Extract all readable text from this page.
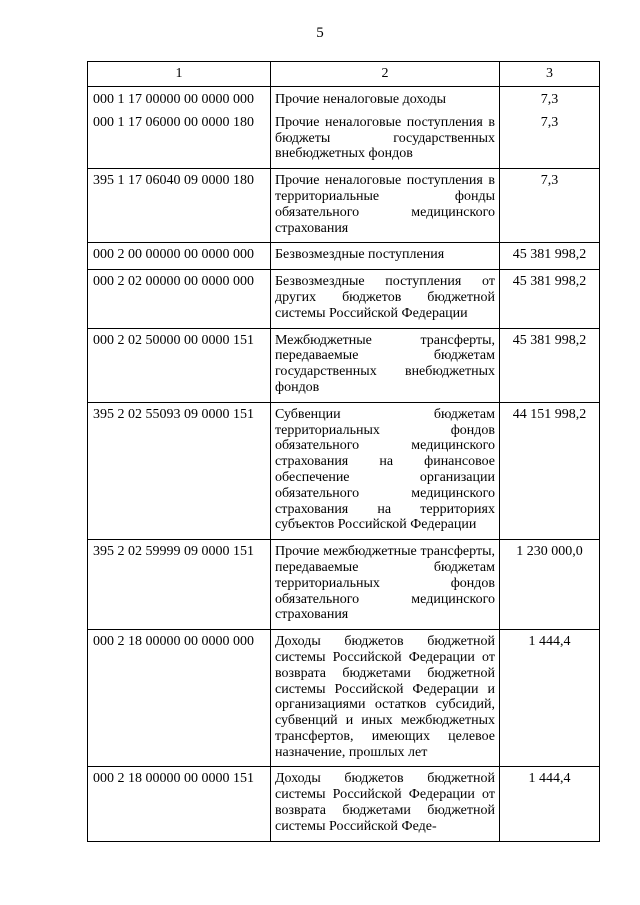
5
1	2	3
000 1 17 00000 00 0000 000	Прочие неналоговые доходы	7,3
000 1 17 06000 00 0000 180	Прочие неналоговые поступления в бюджеты государственных внебюджетных фондов	7,3
395 1 17 06040 09 0000 180	Прочие неналоговые поступления в территориальные фонды обязательного медицинского страхования	7,3
000 2 00 00000 00 0000 000	Безвозмездные поступления	45 381 998,2
000 2 02 00000 00 0000 000	Безвозмездные поступления от других бюджетов бюджетной системы Российской Федерации	45 381 998,2
000 2 02 50000 00 0000 151	Межбюджетные трансферты, передаваемые бюджетам государственных внебюджетных фондов	45 381 998,2
395 2 02 55093 09 0000 151	Субвенции бюджетам территориальных фондов обязательного медицинского страхования на финансовое обеспечение организации обязательного медицинского страхования на территориях субъектов Российской Федерации	44 151 998,2
395 2 02 59999 09 0000 151	Прочие межбюджетные трансферты, передаваемые бюджетам территориальных фондов обязательного медицинского страхования	1 230 000,0
000 2 18 00000 00 0000 000	Доходы бюджетов бюджетной системы Российской Федерации от возврата бюджетами бюджетной системы Российской Федерации и организациями остатков субсидий, субвенций и иных межбюджетных трансфертов, имеющих целевое назначение, прошлых лет	1 444,4
000 2 18 00000 00 0000 151	Доходы бюджетов бюджетной системы Российской Федерации от возврата бюджетами бюджетной системы Российской Феде-	1 444,4
